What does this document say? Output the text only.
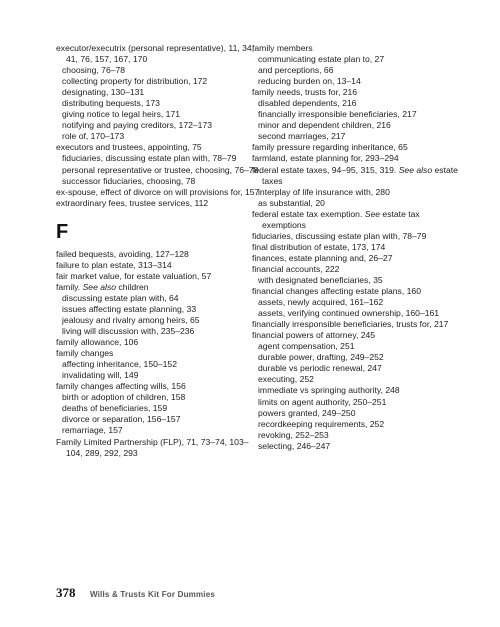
executor/executrix (personal representative), 11, 34, 41, 76, 157, 167, 170

choosing, 76–78

collecting property for distribution, 172

designating, 130–131

distributing bequests, 173

giving notice to legal heirs, 171

notifying and paying creditors, 172–173

role of, 170–173

executors and trustees, appointing, 75

fiduciaries, discussing estate plan with, 78–79

personal representative or trustee, choosing, 76–78

successor fiduciaries, choosing, 78

ex-spouse, effect of divorce on will provisions for, 157

extraordinary fees, trustee services, 112

F

failed bequests, avoiding, 127–128

failure to plan estate, 313–314

fair market value, for estate valuation, 57

family. See also children

discussing estate plan with, 64

issues affecting estate planning, 33

jealousy and rivalry among heirs, 65

living will discussion with, 235–236

family allowance, 106

family changes

affecting inheritance, 150–152

invalidating will, 149

family changes affecting wills, 156

birth or adoption of children, 158

deaths of beneficiaries, 159

divorce or separation, 156–157

remarriage, 157

Family Limited Partnership (FLP), 71, 73–74, 103–104, 289, 292, 293

family members

communicating estate plan to, 27

and perceptions, 66

reducing burden on, 13–14

family needs, trusts for, 216

disabled dependents, 216

financially irresponsible beneficiaries, 217

minor and dependent children, 216

second marriages, 217

family pressure regarding inheritance, 65

farmland, estate planning for, 293–294

federal estate taxes, 94–95, 315, 319. See also estate taxes

interplay of life insurance with, 280

as substantial, 20

federal estate tax exemption. See estate tax exemptions

fiduciaries, discussing estate plan with, 78–79

final distribution of estate, 173, 174

finances, estate planning and, 26–27

financial accounts, 222

with designated beneficiaries, 35

financial changes affecting estate plans, 160

assets, newly acquired, 161–162

assets, verifying continued ownership, 160–161

financially irresponsible beneficiaries, trusts for, 217

financial powers of attorney, 245

agent compensation, 251

durable power, drafting, 249–252

durable vs periodic renewal, 247

executing, 252

immediate vs springing authority, 248

limits on agent authority, 250–251

powers granted, 249–250

recordkeeping requirements, 252

revoking, 252–253

selecting, 246–247

378 Wills & Trusts Kit For Dummies
